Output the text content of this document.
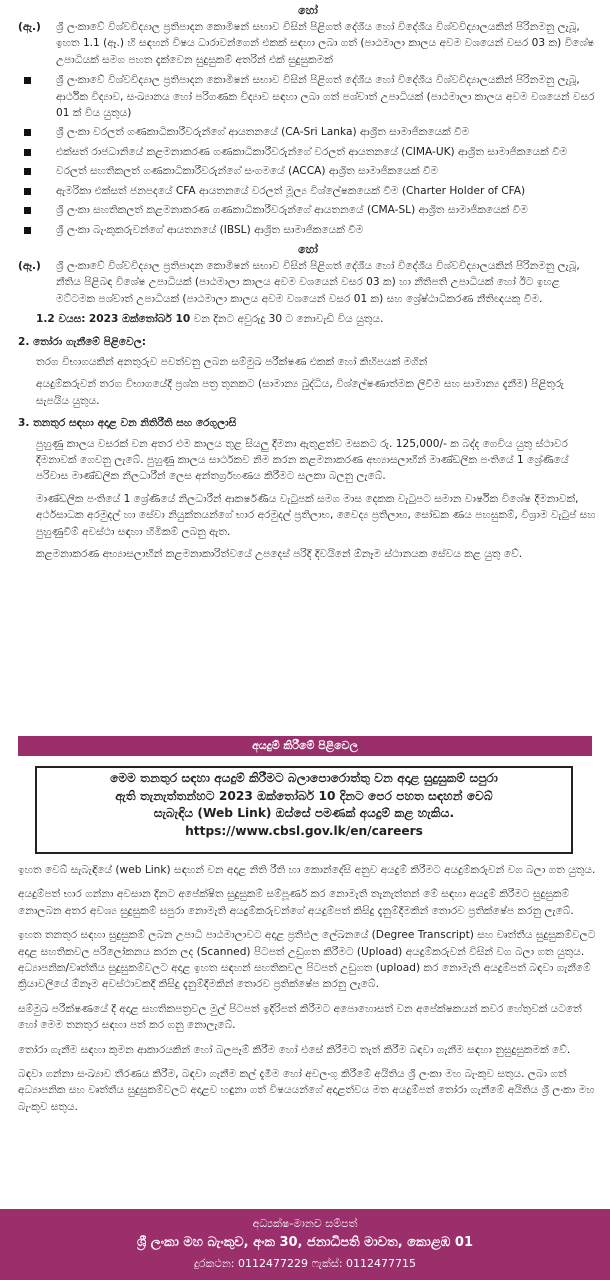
හෝ
(ඇ.) ශ්‍රී ලංකාවේ විශ්වවිද්‍යාල ප්‍රතිපාදන කොමිෂන් සභාව විසින් පිළිගත් දේශීය හෝ විදේශීය විශ්වවිද්‍යාලයකින් පිරිනමනු ලැබූ, ඉහත 1.1 (ඈ.) හි සඳහන් විෂය ධාරාවන්ගෙන් එකක් සඳහා ලබා ගත් (පාඨමාලා කාලය අවම වශයෙන් වසර 03 ක) විශේෂ උපාධියක් සමග පහත දැක්වෙන සුදුසුකම් අතරින් එක් සුදුසුකමක්
ශ්‍රී ලංකාවේ විශ්වවිද්‍යාල ප්‍රතිපාදන කොමිෂන් සභාව විසින් පිළිගත් දේශීය හෝ විදේශීය විශ්වවිද්‍යාලයකින් පිරිනමනු ලැබූ, ආර්ථික විද්‍යාව, සංඛ්‍යානය හෝ පරිගණක විද්‍යාව සඳහා ලබා ගත් පශ්චාත් උපාධියක් (පාඨමාලා කාලය අවම වශයෙන් වසර 01 ක් විය යුතුය)
ශ්‍රී ලංකා වරලත් ගණකාධිකාරීවරුන්ගේ ආයතනයේ (CA-Sri Lanka) ආශ්‍රිත සාමාජිකයෙක් වීම
එක්සත් රාජධානියේ කළමනාකරණ ගණකාධිකාරීවරුන්ගේ වරලත් ආයතනයේ (CIMA-UK) ආශ්‍රිත සාමාජිකයෙක් වීම
වරලත් සහතිකලත් ගණකාධිකාරීවරුන්ගේ සංගමයේ (ACCA) ආශ්‍රිත සාමාජිකයෙක් වීම
ඇමරිකා එක්සත් ජනපදයේ CFA ආයතනයේ වරලත් මූල්‍ය විශ්ලේෂකයෙක් වීම (Charter Holder of CFA)
ශ්‍රී ලංකා සහතිකලත් කළමනාකරණ ගණකාධිකාරීවරුන්ගේ ආයතනයේ (CMA-SL) ආශ්‍රිත සාමාජිකයෙක් වීම
ශ්‍රී ලංකා බැංකුකරුවන්ගේ ආයතනයේ (IBSL) ආශ්‍රිත සාමාජිකයෙක් වීම
හෝ
(ඈ.) ශ්‍රී ලංකාවේ විශ්වවිද්‍යාල ප්‍රතිපාදන කොමිෂන් සභාව විසින් පිළිගත් දේශීය හෝ විදේශීය විශ්වවිද්‍යාලයකින් පිරිනමනු ලැබූ, නීතිය පිළිබඳ විශේෂ උපාධියක් (පාඨමාලා කාලය අවම වශයෙන් වසර 03 ක) හා නීතිපති උපාධියක් හෝ ඊට ඉහළ මට්ටමක පශ්චාත් උපාධියක් (පාඨමාලා කාලය අවම වශයෙන් වසර 01 ක) සහ ශ්‍රේෂ්ඨාධිකරණ නීතිඥයකු වීම.
1.2 වයස: 2023 ඔක්තෝබර් 10 වන දිනට අවුරුදු 30 ට නොවැඩි විය යුතුය.
2. තෝරා ගැනීමේ පිළිවෙල:
තරග විභාගයකින් අනතුරුව පවත්වනු ලබන සම්මුඛ පරීක්ෂණ එකක් හෝ කිහිපයක් මගින්
අයදුම්කරුවන් තරග විභාගයේදී ප්‍රශ්න පත්‍ර තුනකට (සාමාන්‍ය බුද්ධිය, විශ්ලේෂණාත්මක ලිවීම සහ සාමාන්‍ය දැනීම) පිළිතුරු සැපයිය යුතුය.
3. තනතුර සඳහා අදාළ වන නිතිරීති සහ රෙගුලාසි
පුහුණු කාලය වසරක් වන අතර එම කාලය තුළ සියලු දීමනා ඇතුළත්ව මසකට රු. 125,000/- ක බද්ද ගෙවිය යුතු ස්ථාවර දීමනාවක් ගෙවනු ලැබේ. පුහුණු කාලය සාර්ථකව නිම කරන කළමනාකරණ අභ්‍යාසලාභීන් මාණ්ඩලික පංතියේ 1 ශ්‍රේණියේ පරිවාස මාණ්ඩලික නිලධාරීන් ලෙස අන්තර්ග්‍රහණය කිරීමට සලකා බලනු ලැබේ.
මාණ්ඩලික පංතියේ 1 ශ්‍රේණියේ නිලධාරීන් ආකර්ෂණීය වැටුපක් සමග මාස දෙකක වැටුපට සමාන වාර්ෂික විශේෂ දීමනාවක්, අර්ථසාධක අරමුදල් හා සේවා නියුක්තයන්ගේ භාර අරමුදල් ප්‍රතිලාභ, වෛද්‍ය ප්‍රතිලාභ, සෝඩක ණය පහසුකම්, විශ්‍රාම වැටුප් සහ පුහුණුවීම් අවස්ථා සඳහා හිමිකම් ලබනු ඇත.
කළමනාකරණ අභ්‍යාසලාභීන් කළමනාකාරිත්වයේ උපදෙස් පරිදි දිවයිනේ ඕනෑම ස්ථානයක සේවය කළ යුතු වේ.
අයදුම් කිරීමේ පිළිවෙල
මෙම තනතුර සඳහා අයදුම් කිරීමට බලාපොරොත්තු වන අදාළ සුදුසුකම් සපුරා
ඇති තැනැත්තන්හට 2023 ඔක්තෝබර් 10 දිනට පෙර පහත සඳහන් වෙබ්
සැබැඳිය (Web Link) ඔස්සේ පමණක් අයදුම් කළ හැකිය.
https://www.cbsl.gov.lk/en/careers

ඉහත වෙබ් සැබැඳියේ (web Link) සඳහන් වන අදාළ නිති රීති හා කොන්දේසි අනුව අයදුම් කිරීමට අයදුම්කරුවන් වග බලා ගත යුතුය.

අයදුම්පත් භාර ගන්නා අවසාන දිනට අපේක්ෂිත සුදුසුකම් සම්පූර්ණ කර නොමැති තැනැත්තන් මේ සඳහා අයදුම් කිරීමට සුදුසුකම් නොලබන අතර අවශ්‍ය සුදුසුකම් සපුරා නොමැති අයදුම්කරුවන්ගේ අයදුම්පත් කිසිදු දැනුම්දීමකින් තොරව ප්‍රතික්ෂේප කරනු ලැබේ.

ඉහත තනතුර සඳහා සුදුසුකම් ලබන උපාධි පාඨමාලාවට අදාළ ප්‍රතිඵල ලේඛනයේ (Degree Transcript) සහ වෘත්තීය සුදුසුකම්වලට අදාළ සහතිකවල පරිලෝකනය කරන ලද (Scanned) පිටපත් උඩුගත කිරීමට (Upload) අයදුම්කරුවන් විසින් වග බලා ගත යුතුය. අධ්‍යාපනික/වෘත්තීය සුදුසුකම්වලට අදාළ ඉහත සඳහන් සහතිකවල පිටපත් උඩුගත (upload) කර නොමැති අයදුම්පත් බඳවා ගැනීමේ ක්‍රියාවලියේ ඕනෑම අවස්ථාවකදී කිසිදු දැනුම්දීමකින් තොරව ප්‍රතික්ෂේප කරනු ලැබේ.

සම්මුඛ පරීක්ෂණයේ දී අදාළ සහතිකපත්‍රවල මුල් පිටපත් ඉදිරිපත් කිරීමට අපොහොසත් වන අපේක්ෂකයන් කවර හේතුවක් යටතේ හෝ මෙම තනතුර සඳහා පත් කර ගනු නොලැබේ.

තෝරා ගැනීම සඳහා කුමන ආකාරයකින් හෝ බලපෑම් කිරීම හෝ එසේ කිරීමට තැත් කිරීම බඳවා ගැනීම සඳහා නුසුදුසුකමක් වේ.

බඳවා ගන්නා සංඛ්‍යාව තීරණය කිරීම, බඳවා ගැනීම කල් දැමීම හෝ අවලංගු කිරීමේ අයිතිය ශ්‍රී ලංකා මහ බැංකුව සතුය. ලබා ගත් අධ්‍යාපනික සහ වෘත්තීය සුදුසුකම්වලට අදාළව හඳුනා ගත් විෂයයන්ගේ අදාළත්වය මත අයදුම්පත් තෝරා ගැනීමේ අයිතිය ශ්‍රී ලංකා මහ බැංකුව සතුය.

අධ්‍යක්ෂ-මානව සම්පත්
ශ්‍රී ලංකා මහ බැංකුව, අංක 30, ජනාධිපති මාවත, කොළඹ 01
දුරකථන: 0112477229 ෆැක්ස්: 0112477715
